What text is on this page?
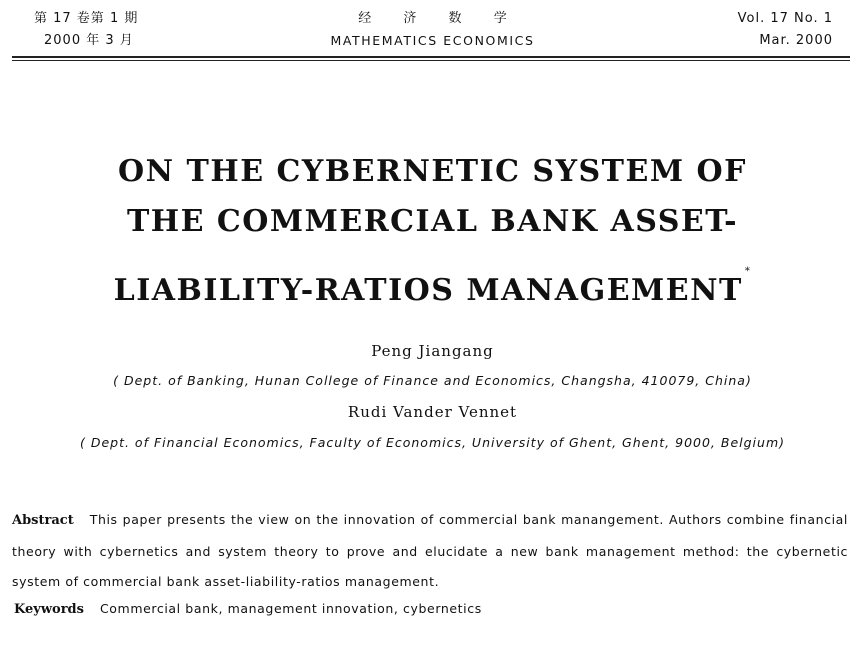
第 17 卷第 1 期
2000 年 3 月
经 济 数 学
MATHEMATICS ECONOMICS
Vol. 17 No. 1
Mar. 2000
ON THE CYBERNETIC SYSTEM OF
THE COMMERCIAL BANK ASSET-
LIABILITY-RATIOS MANAGEMENT*
Peng Jiangang
( Dept. of Banking, Hunan College of Finance and Economics, Changsha, 410079, China)
Rudi Vander Vennet
( Dept. of Financial Economics, Faculty of Economics, University of Ghent, Ghent, 9000, Belgium)
Abstract This paper presents the view on the innovation of commercial bank manangement. Authors combine financial theory with cybernetics and system theory to prove and elucidate a new bank management method: the cybernetic system of commercial bank asset-liability-ratios management.
Keywords Commercial bank, management innovation, cybernetics
